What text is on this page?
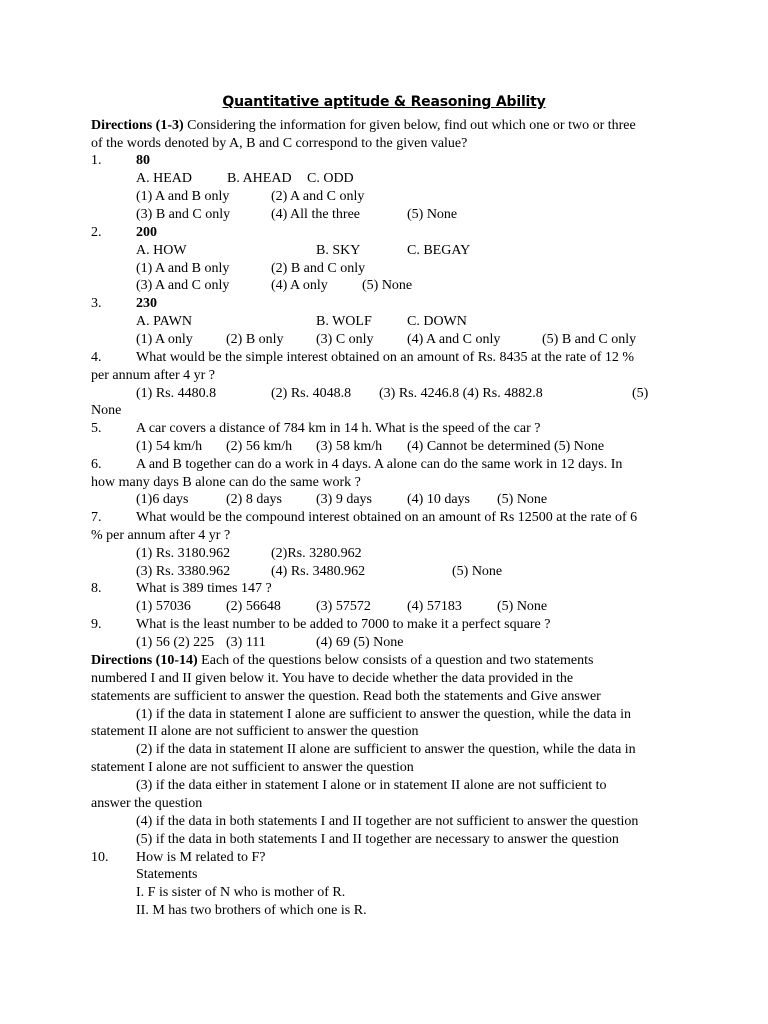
Quantitative aptitude & Reasoning Ability
Directions (1-3) Considering the information for given below, find out which one or two or three
of the words denoted by A, B and C correspond to the given value?
1. 80
A. HEAD	B. AHEAD C. ODD
(1) A and B only	(2) A and C only
(3) B and C only	(4) All the three	(5) None
2. 200
A. HOW	B. SKY	C. BEGAY
(1) A and B only	(2) B and C only
(3) A and C only	(4) A only (5) None
3. 230
A. PAWN	B. WOLF	C. DOWN
(1) A only (2) B only (3) C only (4) A and C only	(5) B and C only
4. What would be the simple interest obtained on an amount of Rs. 8435 at the rate of 12 %
per annum after 4 yr ?
(1) Rs. 4480.8	(2) Rs. 4048.8 (3) Rs. 4246.8 (4) Rs. 4882.8	(5)
None
5. A car covers a distance of 784 km in 14 h. What is the speed of the car ?
(1) 54 km/h (2) 56 km/h (3) 58 km/h (4) Cannot be determined (5) None
6. A and B together can do a work in 4 days. A alone can do the same work in 12 days. In
how many days B alone can do the same work ?
(1)6 days	(2) 8 days (3) 9 days	(4) 10 days (5) None
7. What would be the compound interest obtained on an amount of Rs 12500 at the rate of 6
% per annum after 4 yr ?
(1) Rs. 3180.962	(2)Rs. 3280.962
(3) Rs. 3380.962	(4) Rs. 3480.962	(5) None
8. What is 389 times 147 ?
(1) 57036	(2) 56648	(3) 57572	(4) 57183	(5) None
9. What is the least number to be added to 7000 to make it a perfect square ?
(1) 56 (2) 225 (3) 111	(4) 69 (5) None
Directions (10-14) Each of the questions below consists of a question and two statements
numbered I and II given below it. You have to decide whether the data provided in the
statements are sufficient to answer the question. Read both the statements and Give answer
(1) if the data in statement I alone are sufficient to answer the question, while the data in
statement II alone are not sufficient to answer the question
(2) if the data in statement II alone are sufficient to answer the question, while the data in
statement I alone are not sufficient to answer the question
(3) if the data either in statement I alone or in statement II alone are not sufficient to
answer the question
(4) if the data in both statements I and II together are not sufficient to answer the question
(5) if the data in both statements I and II together are necessary to answer the question
10. How is M related to F?
Statements
I. F is sister of N who is mother of R.
II. M has two brothers of which one is R.
